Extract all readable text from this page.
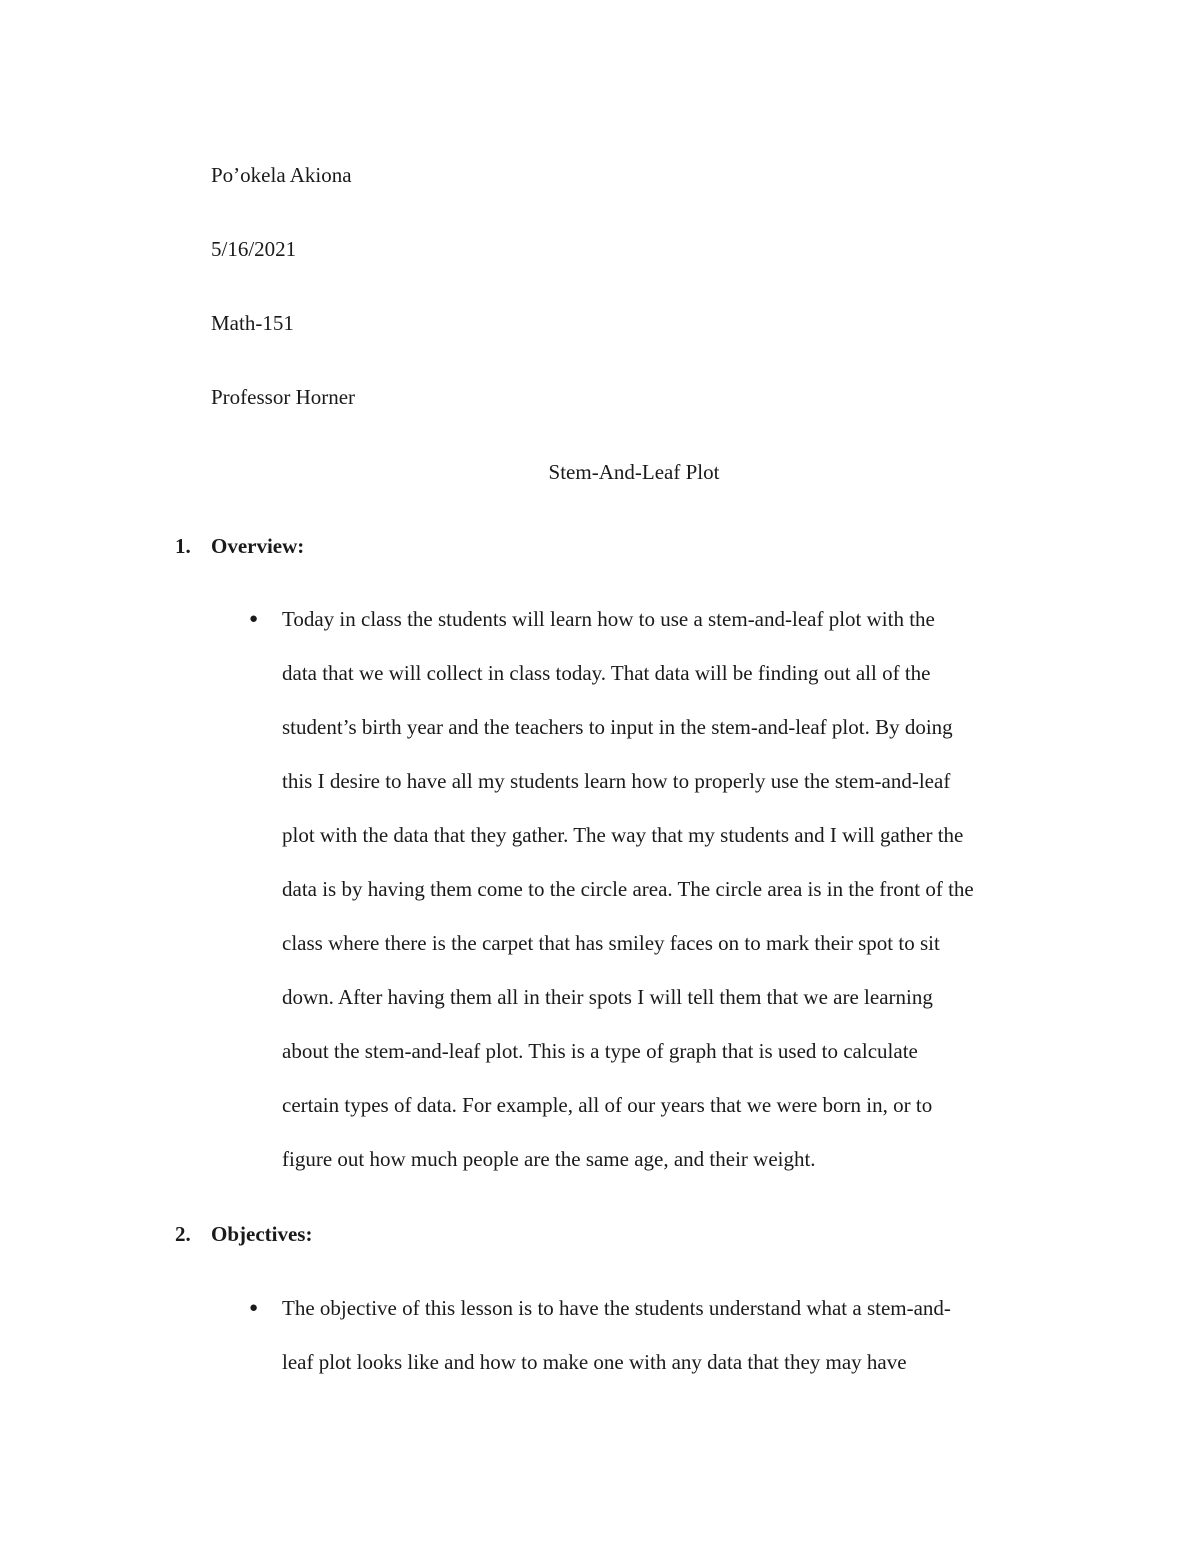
Po’okela Akiona

5/16/2021

Math-151

Professor Horner

Stem-And-Leaf Plot
1. Overview:
●	Today in class the students will learn how to use a stem-and-leaf plot with the
data that we will collect in class today. That data will be finding out all of the
student’s birth year and the teachers to input in the stem-and-leaf plot. By doing
this I desire to have all my students learn how to properly use the stem-and-leaf
plot with the data that they gather. The way that my students and I will gather the
data is by having them come to the circle area. The circle area is in the front of the
class where there is the carpet that has smiley faces on to mark their spot to sit
down. After having them all in their spots I will tell them that we are learning
about the stem-and-leaf plot. This is a type of graph that is used to calculate
certain types of data. For example, all of our years that we were born in, or to
figure out how much people are the same age, and their weight.
2. Objectives:
●	The objective of this lesson is to have the students understand what a stem-and-
leaf plot looks like and how to make one with any data that they may have
